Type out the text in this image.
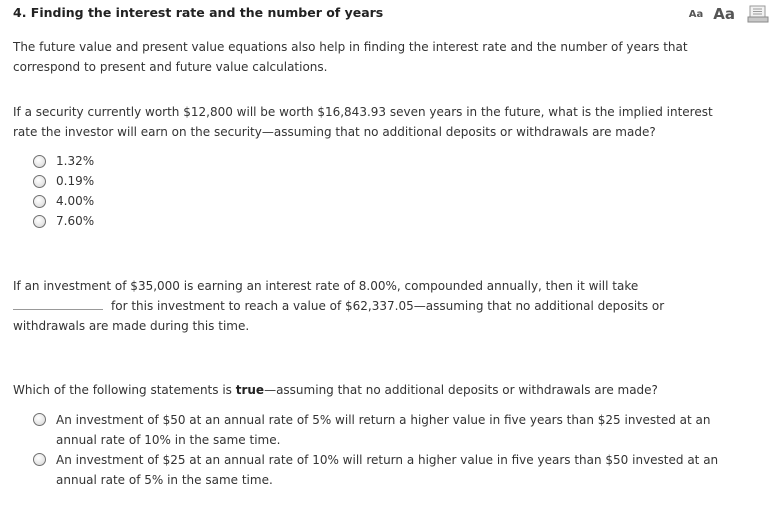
4. Finding the interest rate and the number of years	Aa Aa

The future value and present value equations also help in finding the interest rate and the number of years that correspond to present and future value calculations.

If a security currently worth $12,800 will be worth $16,843.93 seven years in the future, what is the implied interest rate the investor will earn on the security—assuming that no additional deposits or withdrawals are made?

1.32%
0.19%
4.00%
7.60%

If an investment of $35,000 is earning an interest rate of 8.00%, compounded annually, then it will take
for this investment to reach a value of $62,337.05—assuming that no additional deposits or withdrawals are made during this time.

Which of the following statements is true—assuming that no additional deposits or withdrawals are made?

An investment of $50 at an annual rate of 5% will return a higher value in five years than $25 invested at an annual rate of 10% in the same time.
An investment of $25 at an annual rate of 10% will return a higher value in five years than $50 invested at an annual rate of 5% in the same time.
